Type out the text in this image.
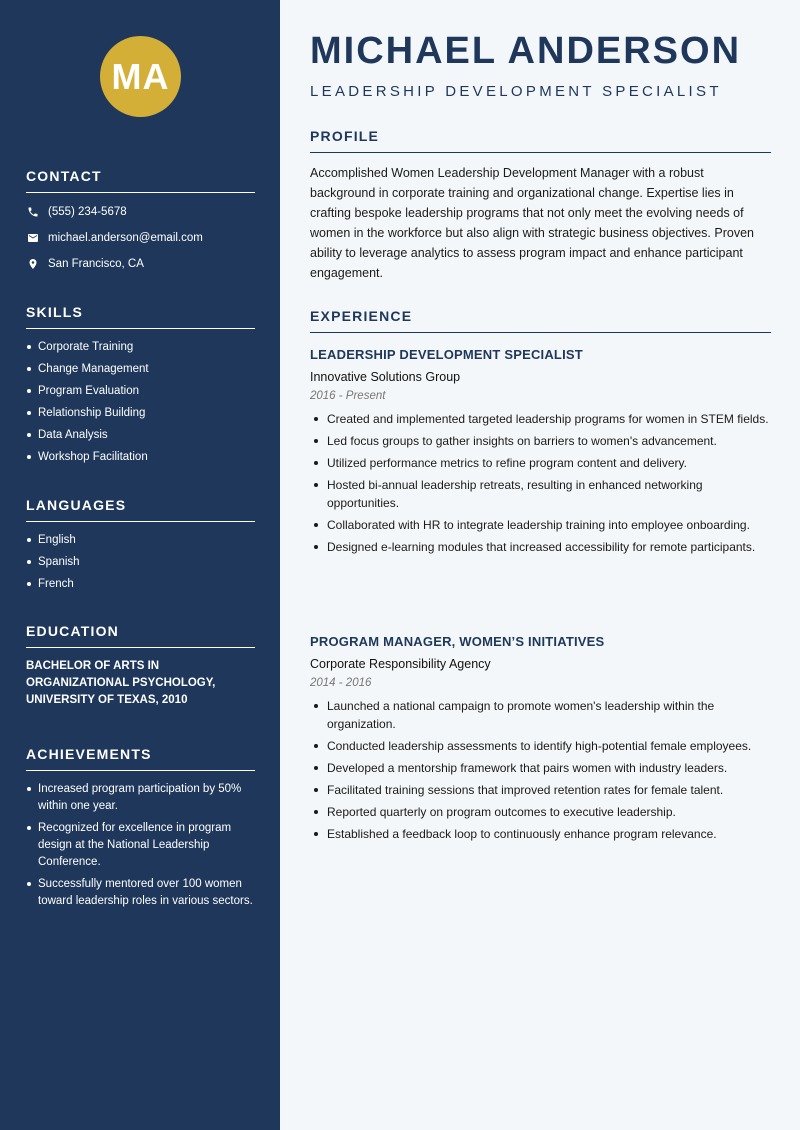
MA
CONTACT
(555) 234-5678
michael.anderson@email.com
San Francisco, CA
SKILLS
Corporate Training
Change Management
Program Evaluation
Relationship Building
Data Analysis
Workshop Facilitation
LANGUAGES
English
Spanish
French
EDUCATION
BACHELOR OF ARTS IN ORGANIZATIONAL PSYCHOLOGY, UNIVERSITY OF TEXAS, 2010
ACHIEVEMENTS
Increased program participation by 50% within one year.
Recognized for excellence in program design at the National Leadership Conference.
Successfully mentored over 100 women toward leadership roles in various sectors.
MICHAEL ANDERSON
LEADERSHIP DEVELOPMENT SPECIALIST
PROFILE

Accomplished Women Leadership Development Manager with a robust background in corporate training and organizational change. Expertise lies in crafting bespoke leadership programs that not only meet the evolving needs of women in the workforce but also align with strategic business objectives. Proven ability to leverage analytics to assess program impact and enhance participant engagement.

EXPERIENCE
LEADERSHIP DEVELOPMENT SPECIALIST
Innovative Solutions Group
2016 - Present
Created and implemented targeted leadership programs for women in STEM fields.
Led focus groups to gather insights on barriers to women's advancement.
Utilized performance metrics to refine program content and delivery.
Hosted bi-annual leadership retreats, resulting in enhanced networking opportunities.
Collaborated with HR to integrate leadership training into employee onboarding.
Designed e-learning modules that increased accessibility for remote participants.
PROGRAM MANAGER, WOMEN’S INITIATIVES
Corporate Responsibility Agency
2014 - 2016
Launched a national campaign to promote women's leadership within the organization.
Conducted leadership assessments to identify high-potential female employees.
Developed a mentorship framework that pairs women with industry leaders.
Facilitated training sessions that improved retention rates for female talent.
Reported quarterly on program outcomes to executive leadership.
Established a feedback loop to continuously enhance program relevance.
